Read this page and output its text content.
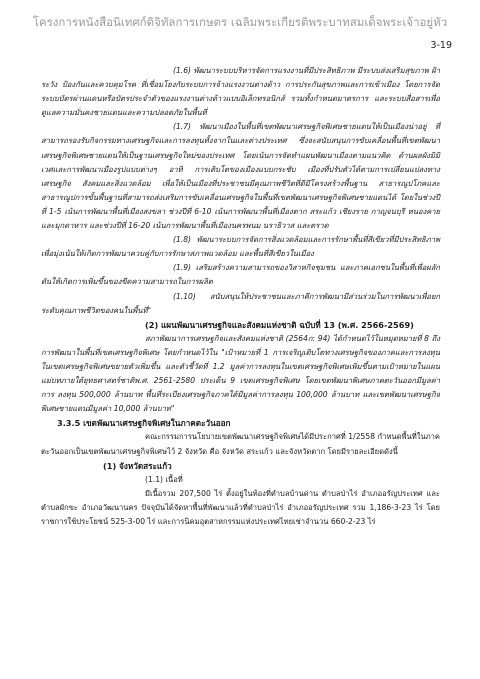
โครงการหนังสือนิเทศก์ดิจิทัลการเกษตร เฉลิมพระเกียรติพระบาทสมเด็จพระเจ้าอยู่หัว
3-19

(1.6) พัฒนาระบบบริหารจัดการแรงงานที่มีประสิทธิภาพ มีระบบส่งเสริมสุขภาพ ฝ้าระวัง ป้องกันและควบคุมโรค ที่เชื่อมโยงกับระบบการจ้างแรงงานต่างด้าว การประกันสุขภาพและการเข้าเมือง โดยการจัดระบบบัตรผ่านแดนหรือบัตรประจำตัวของแรงงานต่างด้าวแบบอิเล็กทรอนิกส์ รวมทั้งกำหนดมาตรการ และระบบสื่อสารเพื่อดูแลความมั่นคงชายแดนและความปลอดภัยในพื้นที่

(1.7) พัฒนาเมืองในพื้นที่เขตพัฒนาเศรษฐกิจพิเศษชายแดนให้เป็นเมืองน่าอยู่ ที่สามารถรองรับกิจกรรมทางเศรษฐกิจและการลงทุนทั้งจากในและต่างประเทศ ซึ่งจะสนับสนุนการขับเคลื่อนพื้นที่เขตพัฒนาเศรษฐกิจพิเศษชายแดนให้เป็นฐานเศรษฐกิจใหม่ของประเทศ โดยเน้นการจัดทำแผนพัฒนาเมืองตามแนวคิด ด้านผลผังมิมิเวศและการพัฒนาเมืองรูปแบบต่างๆ อาทิ การเติบโตของเมืองแบบกระชับ เมืองที่ปรับตัวได้ตามการเปลี่ยนแปลงทางเศรษฐกิจ สังคมและสิ่งแวดล้อม เพื่อให้เป็นเมืองที่ประชาชนมีคุณภาพชีวิตที่ดีมีโครงสร้างพื้นฐาน สาธารณูปโภคและสาธารณูปการขั้นพื้นฐานที่สามารถส่งเสริมการขับเคลื่อนเศรษฐกิจในพื้นที่เขตพัฒนาเศรษฐกิจพิเศษชายแดนได้ โดยในช่วงปีที่ 1-5 เน้นการพัฒนาพื้นที่เมืองสงขลา ช่วงปีที่ 6-10 เน้นการพัฒนาพื้นที่เมืองตาก สระแก้ว เชียงราย กาญจนบุรี หนองคาย และมุกดาหาร และช่วงปีที่ 16-20 เน้นการพัฒนาพื้นที่เมืองนครพนม นราธิวาส และตราด

(1.8) พัฒนาระบบการจัดการสิ่งแวดล้อมและการรักษาพื้นที่สีเขียวที่มีประสิทธิภาพ เพื่อมุ่งเน้นให้เกิดการพัฒนาควบคู่กับการรักษาสภาพแวดล้อม และพื้นที่สีเขียวในเมือง

(1.9) เสริมสร้างความสามารถของวิสาหกิจชุมชน และภาคเอกชนในพื้นที่เพื่อผลักดันให้เกิดการเพิ่มขึ้นของขีดความสามารถในการผลิต

(1.10) สนับสนุนให้ประชาชนและภาคีการพัฒนามีส่วนร่วมในการพัฒนาเพื่อยกระดับคุณภาพชีวิตของคนในพื้นที่"

(2) แผนพัฒนาเศรษฐกิจและสังคมแห่งชาติ ฉบับที่ 13 (พ.ศ. 2566-2569)

สภาพัฒนาการเศรษฐกิจและสังคมแห่งชาติ (2564ก: 94) ได้กำหนดไว้ในหมุดหมายที่ 8 ถึงการพัฒนาในพื้นที่เขตเศรษฐกิจพิเศษ โดยกำหนดไว้ใน "เป้าหมายที่ 1 การเจริญเติบโตทางเศรษฐกิจของภาคและการลงทุนในเขตเศรษฐกิจพิเศษขยายตัวเพิ่มขึ้น และตัวชี้วัดที่ 1.2 มูลค่าการลงทุนในเขตเศรษฐกิจพิเศษเพิ่มขึ้นตามเป้าหมายในแผนแม่บทภายใต้ยุทธศาสตร์ชาติพ.ศ. 2561-2580 ประเด็น 9 เขตเศรษฐกิจพิเศษ โดยเขตพัฒนาพิเศษภาคตะวันออกมีมูลค่าการ ลงทุน 500,000 ล้านบาท พื้นที่ระเบียงเศรษฐกิจภาคใต้มีมูลค่าการลงทุน 100,000 ล้านบาท และเขตพัฒนาเศรษฐกิจพิเศษชายแดนมีมูลค่า 10,000 ล้านบาท"

3.3.5 เขตพัฒนาเศรษฐกิจพิเศษในภาคตะวันออก

คณะกรรมการนโยบายเขตพัฒนาเศรษฐกิจพิเศษได้มีประกาศที่ 1/2558 กำหนดพื้นที่ในภาคตะวันออกเป็นเขตพัฒนาเศรษฐกิจพิเศษไว้ 2 จังหวัด คือ จังหวัด สระแก้ว และจังหวัดตาก โดยมีรายละเอียดดังนี้

(1) จังหวัดสระแก้ว

(1.1) เนื้อที่

มีเนื้อรวม 207,500 ไร่ ตั้งอยู่ในท้องที่ตำบลบ้านด่าน ตำบลป่าไร่ อำเภออรัญประเทศ และตำบลผักขะ อำเภอวัฒนานคร ปัจจุบันได้จัดหาพื้นที่พัฒนาแล้วที่ตำบลป่าไร่ อำเภออรัญประเทศ รวม 1,186-3-23 ไร่ โดยราชการใช้ประโยชน์ 525-3-00 ไร่ และการนิคมอุตสาหกรรมแห่งประเทศไทยเช่าจำนวน 660-2-23 ไร่
